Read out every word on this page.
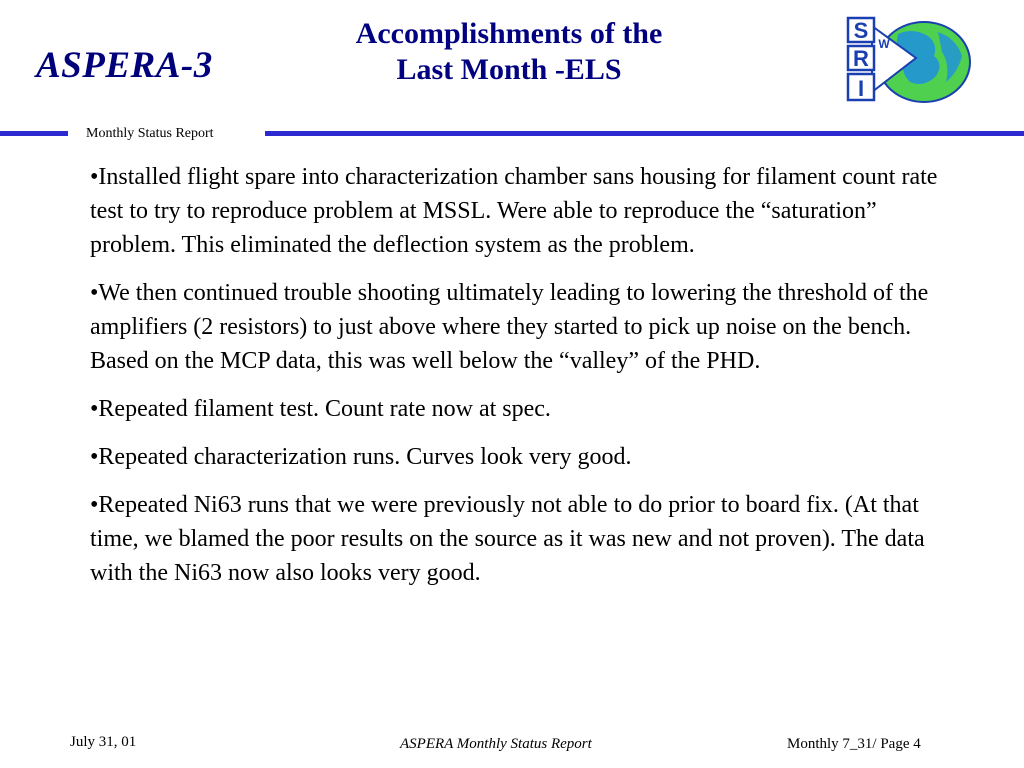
ASPERA-3
Accomplishments of the
Last Month -ELS
S
W
R
I
Monthly Status Report

•Installed flight spare into characterization chamber sans housing for filament count rate test to try to reproduce problem at MSSL. Were able to reproduce the “saturation” problem. This eliminated the deflection system as the problem.

•We then continued trouble shooting ultimately leading to lowering the threshold of the amplifiers (2 resistors) to just above where they started to pick up noise on the bench. Based on the MCP data, this was well below the “valley” of the PHD.

•Repeated filament test. Count rate now at spec.

•Repeated characterization runs. Curves look very good.

•Repeated Ni63 runs that we were previously not able to do prior to board fix. (At that time, we blamed the poor results on the source as it was new and not proven). The data with the Ni63 now also looks very good.

July 31, 01	ASPERA Monthly Status Report	Monthly 7_31/ Page 4
